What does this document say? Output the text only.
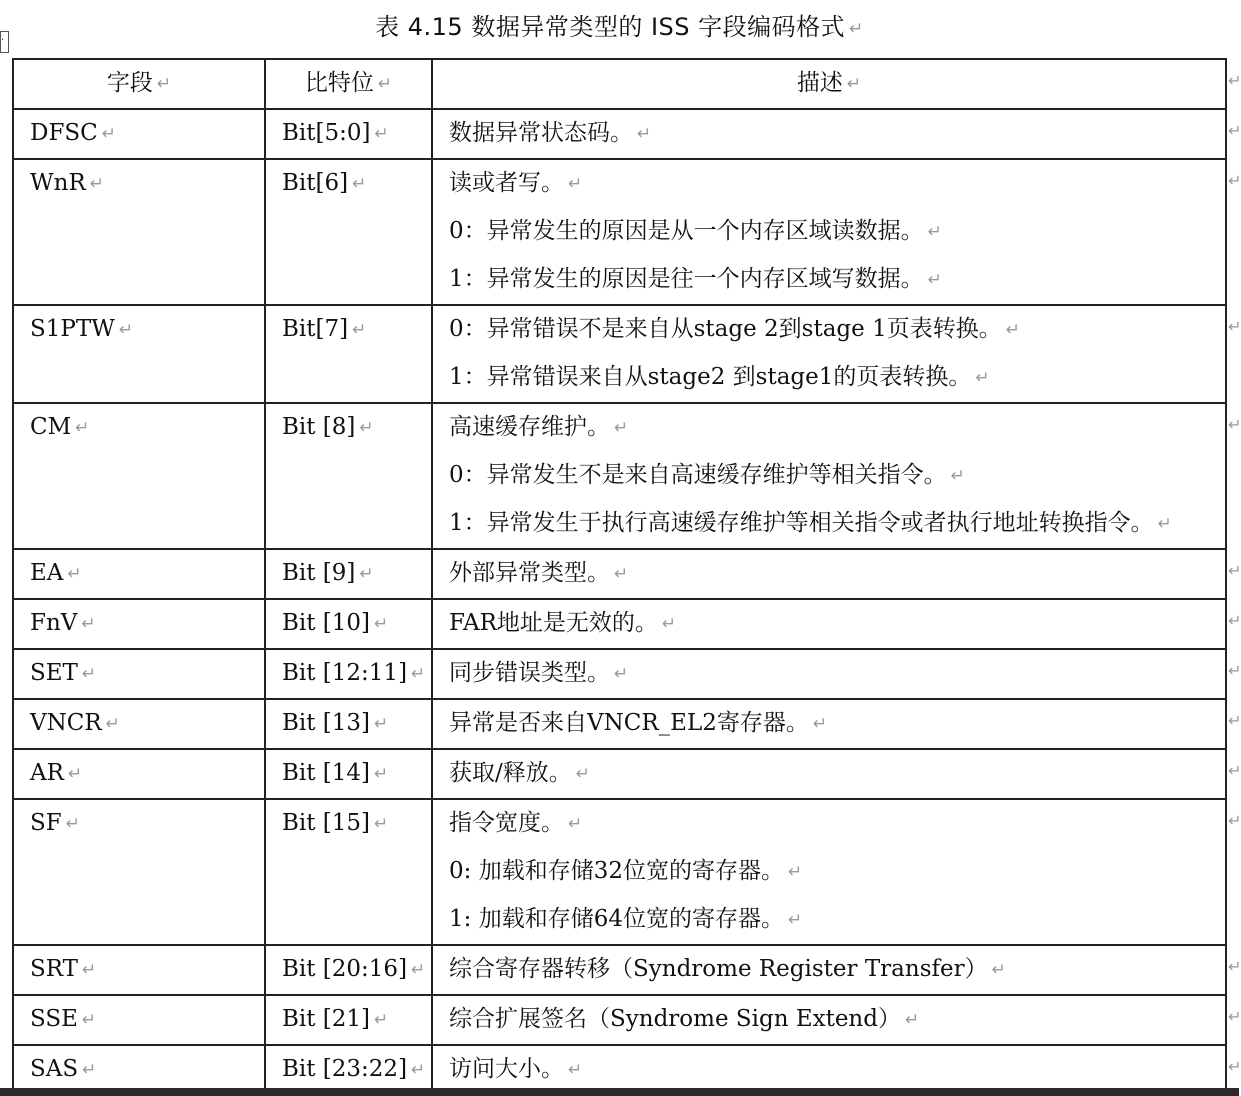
·	表 4.15 数据异常类型的 ISS 字段编码格式 ↵
字段 ↵	比特位 ↵	描述 ↵
DFSC ↵	Bit[5:0] ↵	数据异常状态码。 ↵

WnR ↵	Bit[6] ↵	读或者写。 ↵
0：异常发生的原因是从一个内存区域读数据。 ↵
1：异常发生的原因是往一个内存区域写数据。 ↵

S1PTW ↵	Bit[7] ↵	0：异常错误不是来自从stage 2到stage 1页表转换。 ↵
1：异常错误来自从stage2 到stage1的页表转换。 ↵

CM ↵	Bit [8] ↵	高速缓存维护。 ↵
0：异常发生不是来自高速缓存维护等相关指令。 ↵
1：异常发生于执行高速缓存维护等相关指令或者执行地址转换指令。 ↵

EA ↵	Bit [9] ↵	外部异常类型。 ↵

FnV ↵	Bit [10] ↵	FAR地址是无效的。 ↵

SET ↵	Bit [12:11] ↵	同步错误类型。 ↵

VNCR ↵	Bit [13] ↵	异常是否来自VNCR_EL2寄存器。 ↵

AR ↵	Bit [14] ↵	获取/释放。 ↵

SF ↵	Bit [15] ↵	指令宽度。 ↵
0: 加载和存储32位宽的寄存器。 ↵
1: 加载和存储64位宽的寄存器。 ↵

SRT ↵	Bit [20:16] ↵	综合寄存器转移（Syndrome Register Transfer） ↵

SSE ↵	Bit [21] ↵	综合扩展签名（Syndrome Sign Extend） ↵

SAS ↵	Bit [23:22] ↵	访问大小。 ↵
↵
↵
↵
↵
↵
↵
↵
↵
↵
↵
↵
↵
↵
↵
